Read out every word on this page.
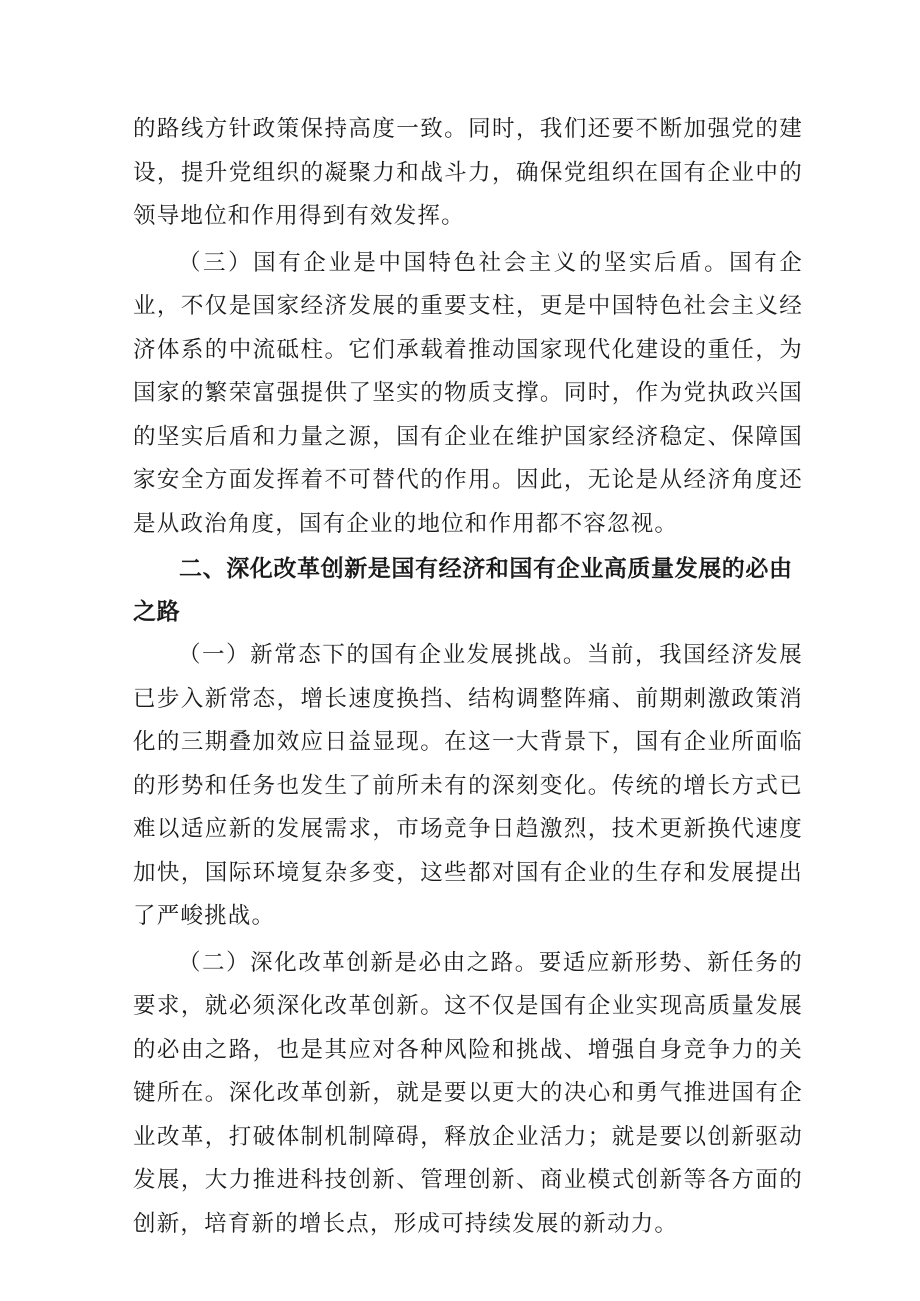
的路线方针政策保持高度一致。同时，我们还要不断加强党的建设，提升党组织的凝聚力和战斗力，确保党组织在国有企业中的领导地位和作用得到有效发挥。

（三）国有企业是中国特色社会主义的坚实后盾。国有企业，不仅是国家经济发展的重要支柱，更是中国特色社会主义经济体系的中流砥柱。它们承载着推动国家现代化建设的重任，为国家的繁荣富强提供了坚实的物质支撑。同时，作为党执政兴国的坚实后盾和力量之源，国有企业在维护国家经济稳定、保障国家安全方面发挥着不可替代的作用。因此，无论是从经济角度还是从政治角度，国有企业的地位和作用都不容忽视。

二、深化改革创新是国有经济和国有企业高质量发展的必由之路

（一）新常态下的国有企业发展挑战。当前，我国经济发展已步入新常态，增长速度换挡、结构调整阵痛、前期刺激政策消化的三期叠加效应日益显现。在这一大背景下，国有企业所面临的形势和任务也发生了前所未有的深刻变化。传统的增长方式已难以适应新的发展需求，市场竞争日趋激烈，技术更新换代速度加快，国际环境复杂多变，这些都对国有企业的生存和发展提出了严峻挑战。

（二）深化改革创新是必由之路。要适应新形势、新任务的要求，就必须深化改革创新。这不仅是国有企业实现高质量发展的必由之路，也是其应对各种风险和挑战、增强自身竞争力的关键所在。深化改革创新，就是要以更大的决心和勇气推进国有企业改革，打破体制机制障碍，释放企业活力；就是要以创新驱动发展，大力推进科技创新、管理创新、商业模式创新等各方面的创新，培育新的增长点，形成可持续发展的新动力。
